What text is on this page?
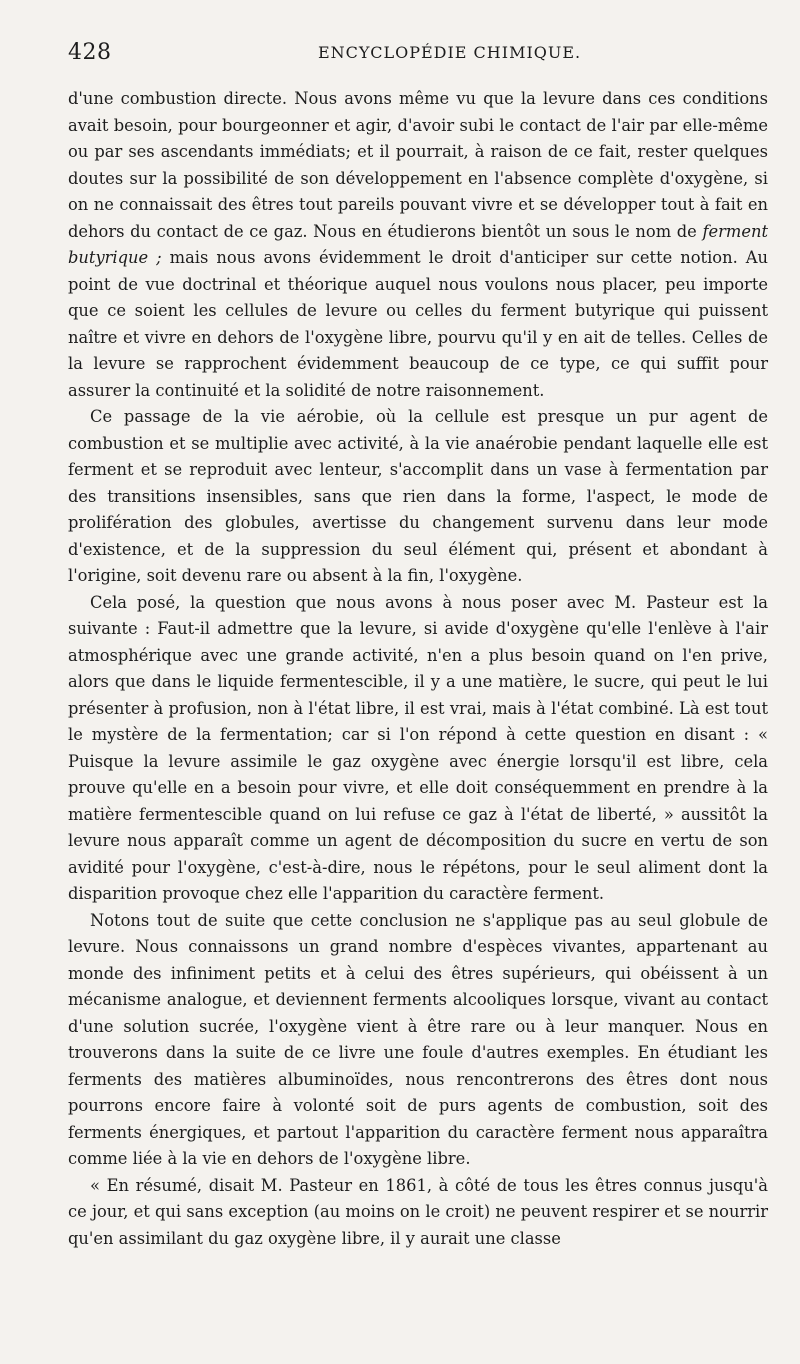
428	ENCYCLOPÉDIE CHIMIQUE.

d'une combustion directe. Nous avons même vu que la levure dans ces conditions avait besoin, pour bourgeonner et agir, d'avoir subi le contact de l'air par elle-même ou par ses ascendants immédiats; et il pourrait, à raison de ce fait, rester quelques doutes sur la possibilité de son développement en l'absence complète d'oxygène, si on ne connaissait des êtres tout pareils pouvant vivre et se développer tout à fait en dehors du contact de ce gaz. Nous en étudierons bientôt un sous le nom de ferment butyrique ; mais nous avons évidemment le droit d'anticiper sur cette notion. Au point de vue doctrinal et théorique auquel nous voulons nous placer, peu importe que ce soient les cellules de levure ou celles du ferment butyrique qui puissent naître et vivre en dehors de l'oxygène libre, pourvu qu'il y en ait de telles. Celles de la levure se rapprochent évidemment beaucoup de ce type, ce qui suffit pour assurer la continuité et la solidité de notre raisonnement.

Ce passage de la vie aérobie, où la cellule est presque un pur agent de combustion et se multiplie avec activité, à la vie anaérobie pendant laquelle elle est ferment et se reproduit avec lenteur, s'accomplit dans un vase à fermentation par des transitions insensibles, sans que rien dans la forme, l'aspect, le mode de prolifération des globules, avertisse du changement survenu dans leur mode d'existence, et de la suppression du seul élément qui, présent et abondant à l'origine, soit devenu rare ou absent à la fin, l'oxygène.

Cela posé, la question que nous avons à nous poser avec M. Pasteur est la suivante : Faut-il admettre que la levure, si avide d'oxygène qu'elle l'enlève à l'air atmosphérique avec une grande activité, n'en a plus besoin quand on l'en prive, alors que dans le liquide fermentescible, il y a une matière, le sucre, qui peut le lui présenter à profusion, non à l'état libre, il est vrai, mais à l'état combiné. Là est tout le mystère de la fermentation; car si l'on répond à cette question en disant : « Puisque la levure assimile le gaz oxygène avec énergie lorsqu'il est libre, cela prouve qu'elle en a besoin pour vivre, et elle doit conséquemment en prendre à la matière fermentescible quand on lui refuse ce gaz à l'état de liberté, » aussitôt la levure nous apparaît comme un agent de décomposition du sucre en vertu de son avidité pour l'oxygène, c'est-à-dire, nous le répétons, pour le seul aliment dont la disparition provoque chez elle l'apparition du caractère ferment.

Notons tout de suite que cette conclusion ne s'applique pas au seul globule de levure. Nous connaissons un grand nombre d'espèces vivantes, appartenant au monde des infiniment petits et à celui des êtres supérieurs, qui obéissent à un mécanisme analogue, et deviennent ferments alcooliques lorsque, vivant au contact d'une solution sucrée, l'oxygène vient à être rare ou à leur manquer. Nous en trouverons dans la suite de ce livre une foule d'autres exemples. En étudiant les ferments des matières albuminoïdes, nous rencontrerons des êtres dont nous pourrons encore faire à volonté soit de purs agents de combustion, soit des ferments énergiques, et partout l'apparition du caractère ferment nous apparaîtra comme liée à la vie en dehors de l'oxygène libre.

« En résumé, disait M. Pasteur en 1861, à côté de tous les êtres connus jusqu'à ce jour, et qui sans exception (au moins on le croit) ne peuvent respirer et se nourrir qu'en assimilant du gaz oxygène libre, il y aurait une classe
